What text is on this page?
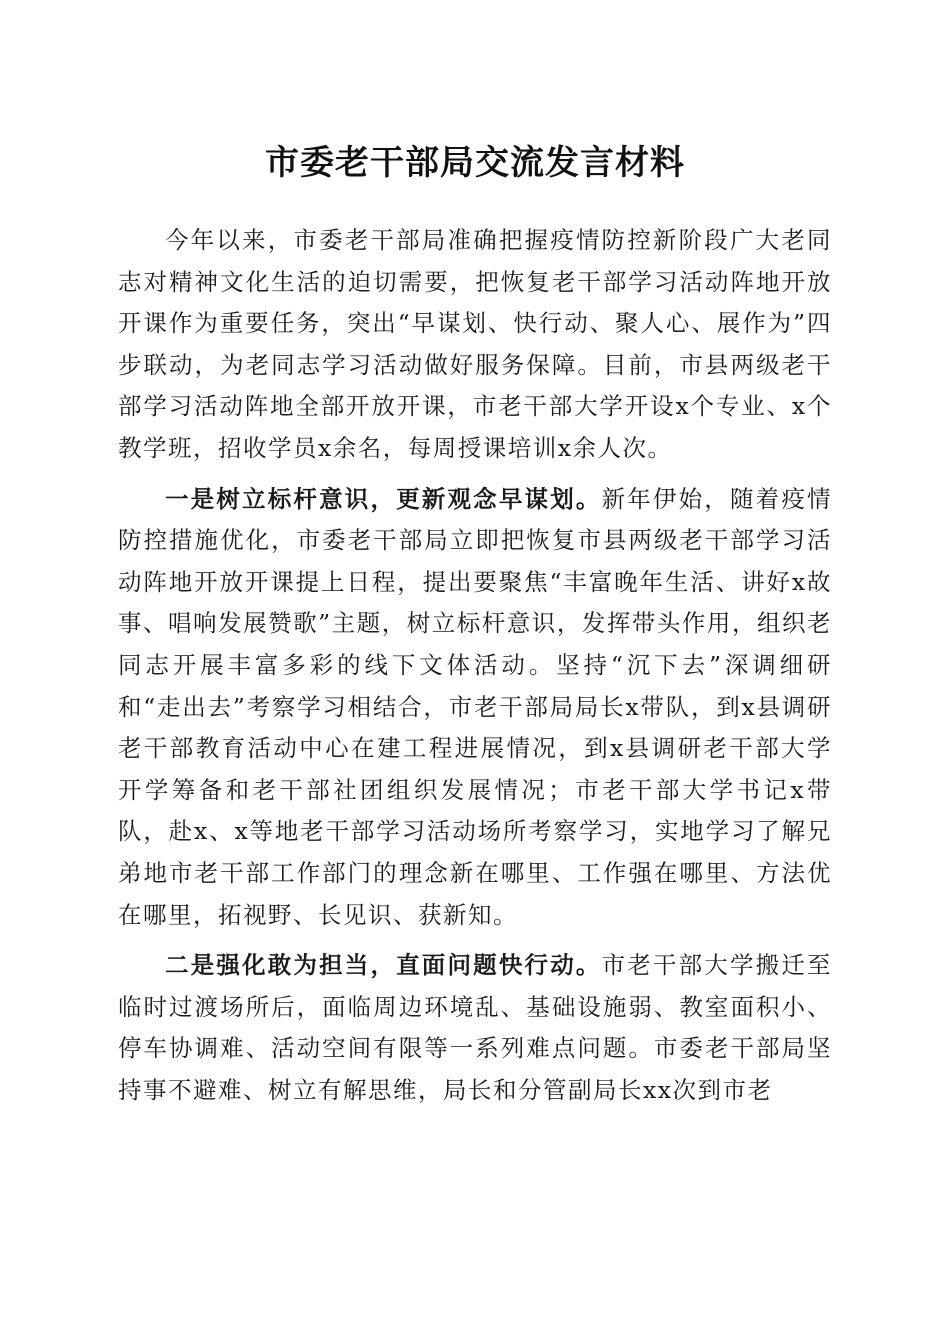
市委老干部局交流发言材料

今年以来，市委老干部局准确把握疫情防控新阶段广大老同志对精神文化生活的迫切需要，把恢复老干部学习活动阵地开放开课作为重要任务，突出“早谋划、快行动、聚人心、展作为”四步联动，为老同志学习活动做好服务保障。目前，市县两级老干部学习活动阵地全部开放开课，市老干部大学开设x个专业、x个教学班，招收学员x余名，每周授课培训x余人次。

一是树立标杆意识，更新观念早谋划。新年伊始，随着疫情防控措施优化，市委老干部局立即把恢复市县两级老干部学习活动阵地开放开课提上日程，提出要聚焦“丰富晚年生活、讲好x故事、唱响发展赞歌”主题，树立标杆意识，发挥带头作用，组织老同志开展丰富多彩的线下文体活动。坚持“沉下去”深调细研和“走出去”考察学习相结合，市老干部局局长x带队，到x县调研老干部教育活动中心在建工程进展情况，到x县调研老干部大学开学筹备和老干部社团组织发展情况；市老干部大学书记x带队，赴x、x等地老干部学习活动场所考察学习，实地学习了解兄弟地市老干部工作部门的理念新在哪里、工作强在哪里、方法优在哪里，拓视野、长见识、获新知。

二是强化敢为担当，直面问题快行动。市老干部大学搬迁至临时过渡场所后，面临周边环境乱、基础设施弱、教室面积小、停车协调难、活动空间有限等一系列难点问题。市委老干部局坚持事不避难、树立有解思维，局长和分管副局长xx次到市老
